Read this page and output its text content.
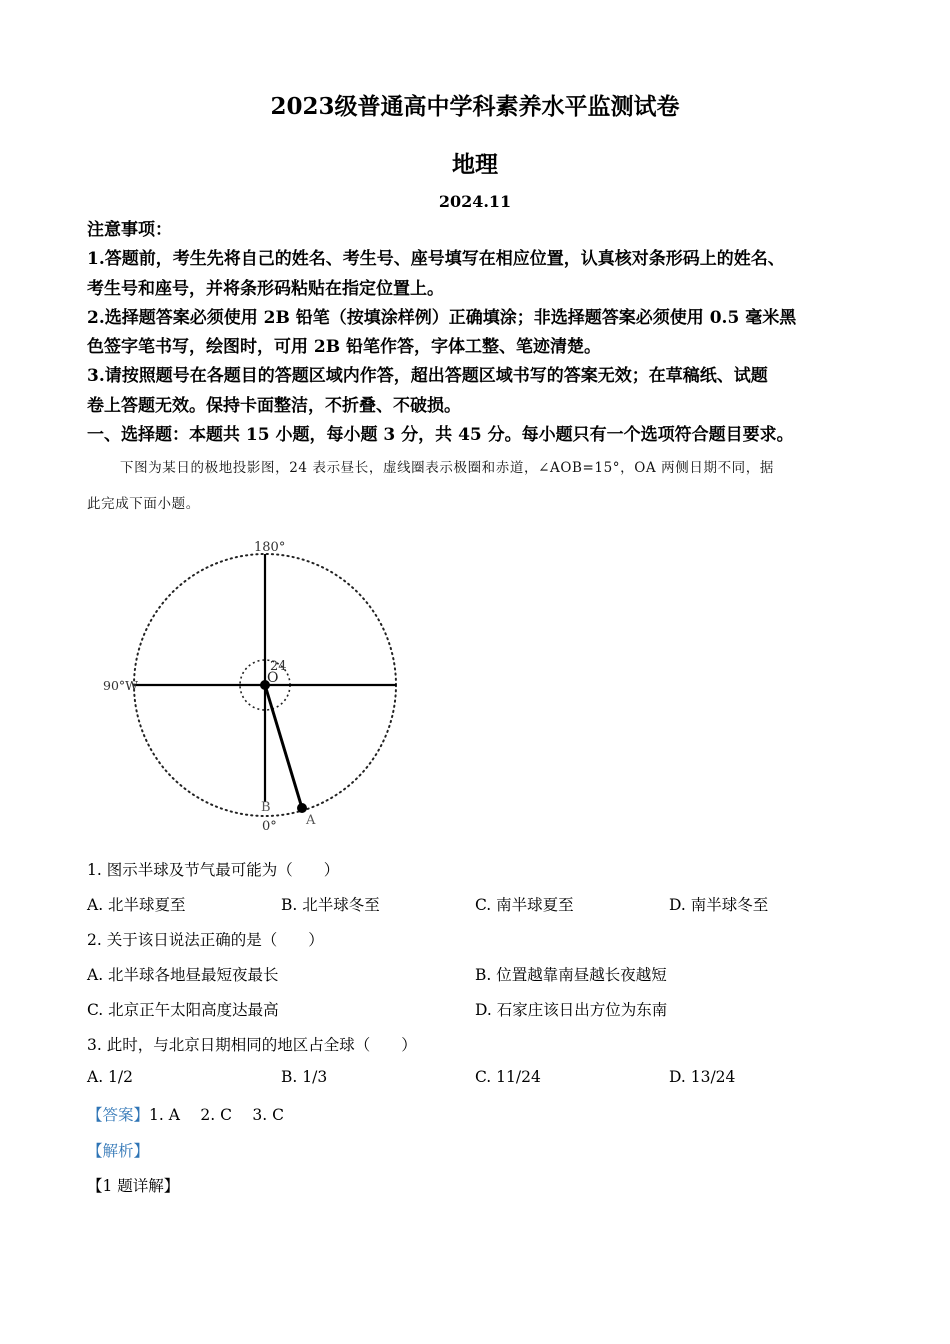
2023级普通高中学科素养水平监测试卷
地理
2024.11
注意事项：
1.答题前，考生先将自己的姓名、考生号、座号填写在相应位置，认真核对条形码上的姓名、
考生号和座号，并将条形码粘贴在指定位置上。
2.选择题答案必须使用 2B 铅笔（按填涂样例）正确填涂；非选择题答案必须使用 0.5 毫米黑
色签字笔书写，绘图时，可用 2B 铅笔作答，字体工整、笔迹清楚。
3.请按照题号在各题目的答题区域内作答，超出答题区域书写的答案无效；在草稿纸、试题
卷上答题无效。保持卡面整洁，不折叠、不破损。
一、选择题：本题共 15 小题，每小题 3 分，共 45 分。每小题只有一个选项符合题目要求。
下图为某日的极地投影图，24 表示昼长，虚线圈表示极圈和赤道，∠AOB=15°，OA 两侧日期不同，据
此完成下面小题。
180°
90°W
0°
O
24
B
A
1. 图示半球及节气最可能为（　　）
A. 北半球夏至	B. 北半球冬至	C. 南半球夏至	D. 南半球冬至
2. 关于该日说法正确的是（　　）
A. 北半球各地昼最短夜最长	B. 位置越靠南昼越长夜越短
C. 北京正午太阳高度达最高	D. 石家庄该日出方位为东南
3. 此时，与北京日期相同的地区占全球（　　）
A. 1/2	B. 1/3	C. 11/24	D. 13/24
【答案】1. A　 2. C　 3. C
【解析】
【1 题详解】
